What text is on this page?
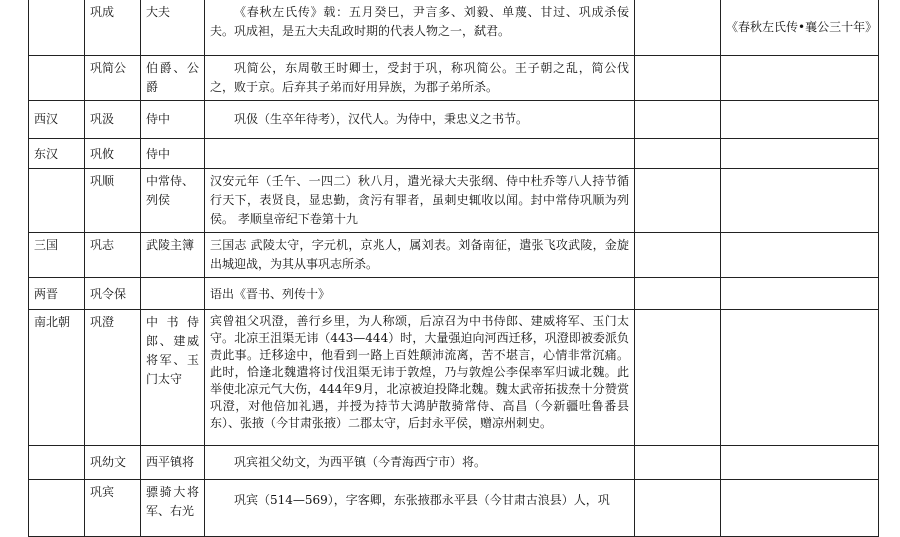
	巩成	大夫	《春秋左氏传》载：五月癸巳，尹言多、刘毅、单蔑、甘过、巩成杀佞夫。巩成袒，是五大夫乱政时期的代表人物之一，弑君。		《春秋左氏传•襄公三十年》
	巩简公	伯爵、公爵	巩简公，东周敬王时卿士，受封于巩，称巩简公。王子朝之乱，简公伐之，败于京。后弃其子弟而好用异族，为郡子弟所杀。		
西汉	巩汲	侍中	巩伋（生卒年待考），汉代人。为侍中，秉忠义之书节。		
东汉	巩攸	侍中			
	巩顺	中常侍、列侯	汉安元年（壬午、一四二）秋八月，遣光禄大夫张纲、侍中杜乔等八人持节循行天下，表贤良，显忠勤，贪污有罪者，虽刺史辄收以闻。封中常侍巩顺为列侯。 孝顺皇帝纪下卷第十九		
三国	巩志	武陵主簿	三国志 武陵太守，字元机，京兆人，属刘表。刘备南征，遣张飞攻武陵，金旋出城迎战，为其从事巩志所杀。		
两晋	巩令保		语出《晋书、列传十》		
南北朝	巩澄	中书侍郎、建威将军、玉门太守	宾曾祖父巩澄，善行乡里，为人称颂，后凉召为中书侍郎、建威将军、玉门太守。北凉王沮渠无讳（443—444）时，大量强迫向河西迁移，巩澄即被委派负责此事。迁移途中，他看到一路上百姓颠沛流离，苦不堪言，心情非常沉痛。此时，恰逢北魏遣将讨伐沮渠无讳于敦煌，乃与敦煌公李保率军归诚北魏。此举使北凉元气大伤，444年9月，北凉被迫投降北魏。魏太武帝拓拔焘十分赞赏巩澄，对他倍加礼遇，并授为持节大鸿胪散骑常侍、高昌（今新疆吐鲁番县东）、张掖（今甘肃张掖）二郡太守，后封永平侯，赠凉州刺史。		
	巩幼文	西平镇将	巩宾祖父幼文，为西平镇（今青海西宁市）将。		
	巩宾	骠骑大将军、右光	巩宾（514—569），字客卿，东张掖郡永平县（今甘肃古浪县）人，巩		
